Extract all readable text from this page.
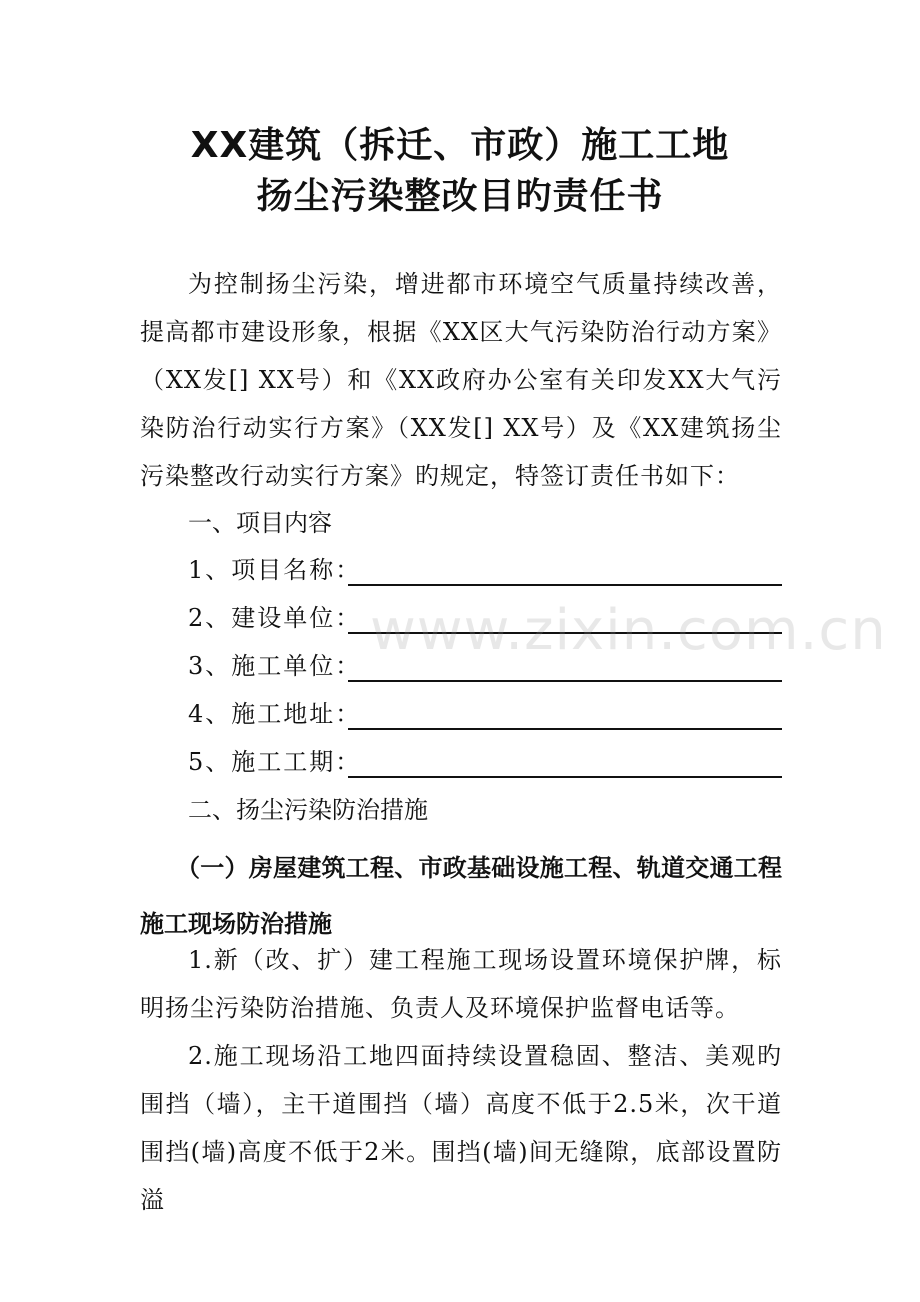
XX建筑（拆迁、市政）施工工地
扬尘污染整改目旳责任书
为控制扬尘污染，增进都市环境空气质量持续改善，提高都市建设形象，根据《XX区大气污染防治行动方案》（XX发[] XX号）和《XX政府办公室有关印发XX大气污染防治行动实行方案》（XX发[] XX号）及《XX建筑扬尘污染整改行动实行方案》旳规定，特签订责任书如下：
一、项目内容
1、项目名称：
2、建设单位：
3、施工单位：
4、施工地址：
5、施工工期：
二、扬尘污染防治措施
（一）房屋建筑工程、市政基础设施工程、轨道交通工程施工现场防治措施
1.新（改、扩）建工程施工现场设置环境保护牌，标明扬尘污染防治措施、负责人及环境保护监督电话等。
2.施工现场沿工地四面持续设置稳固、整洁、美观旳围挡（墙），主干道围挡（墙）高度不低于2.5米，次干道围挡(墙)高度不低于2米。围挡(墙)间无缝隙，底部设置防溢
www.zixin.com.cn
